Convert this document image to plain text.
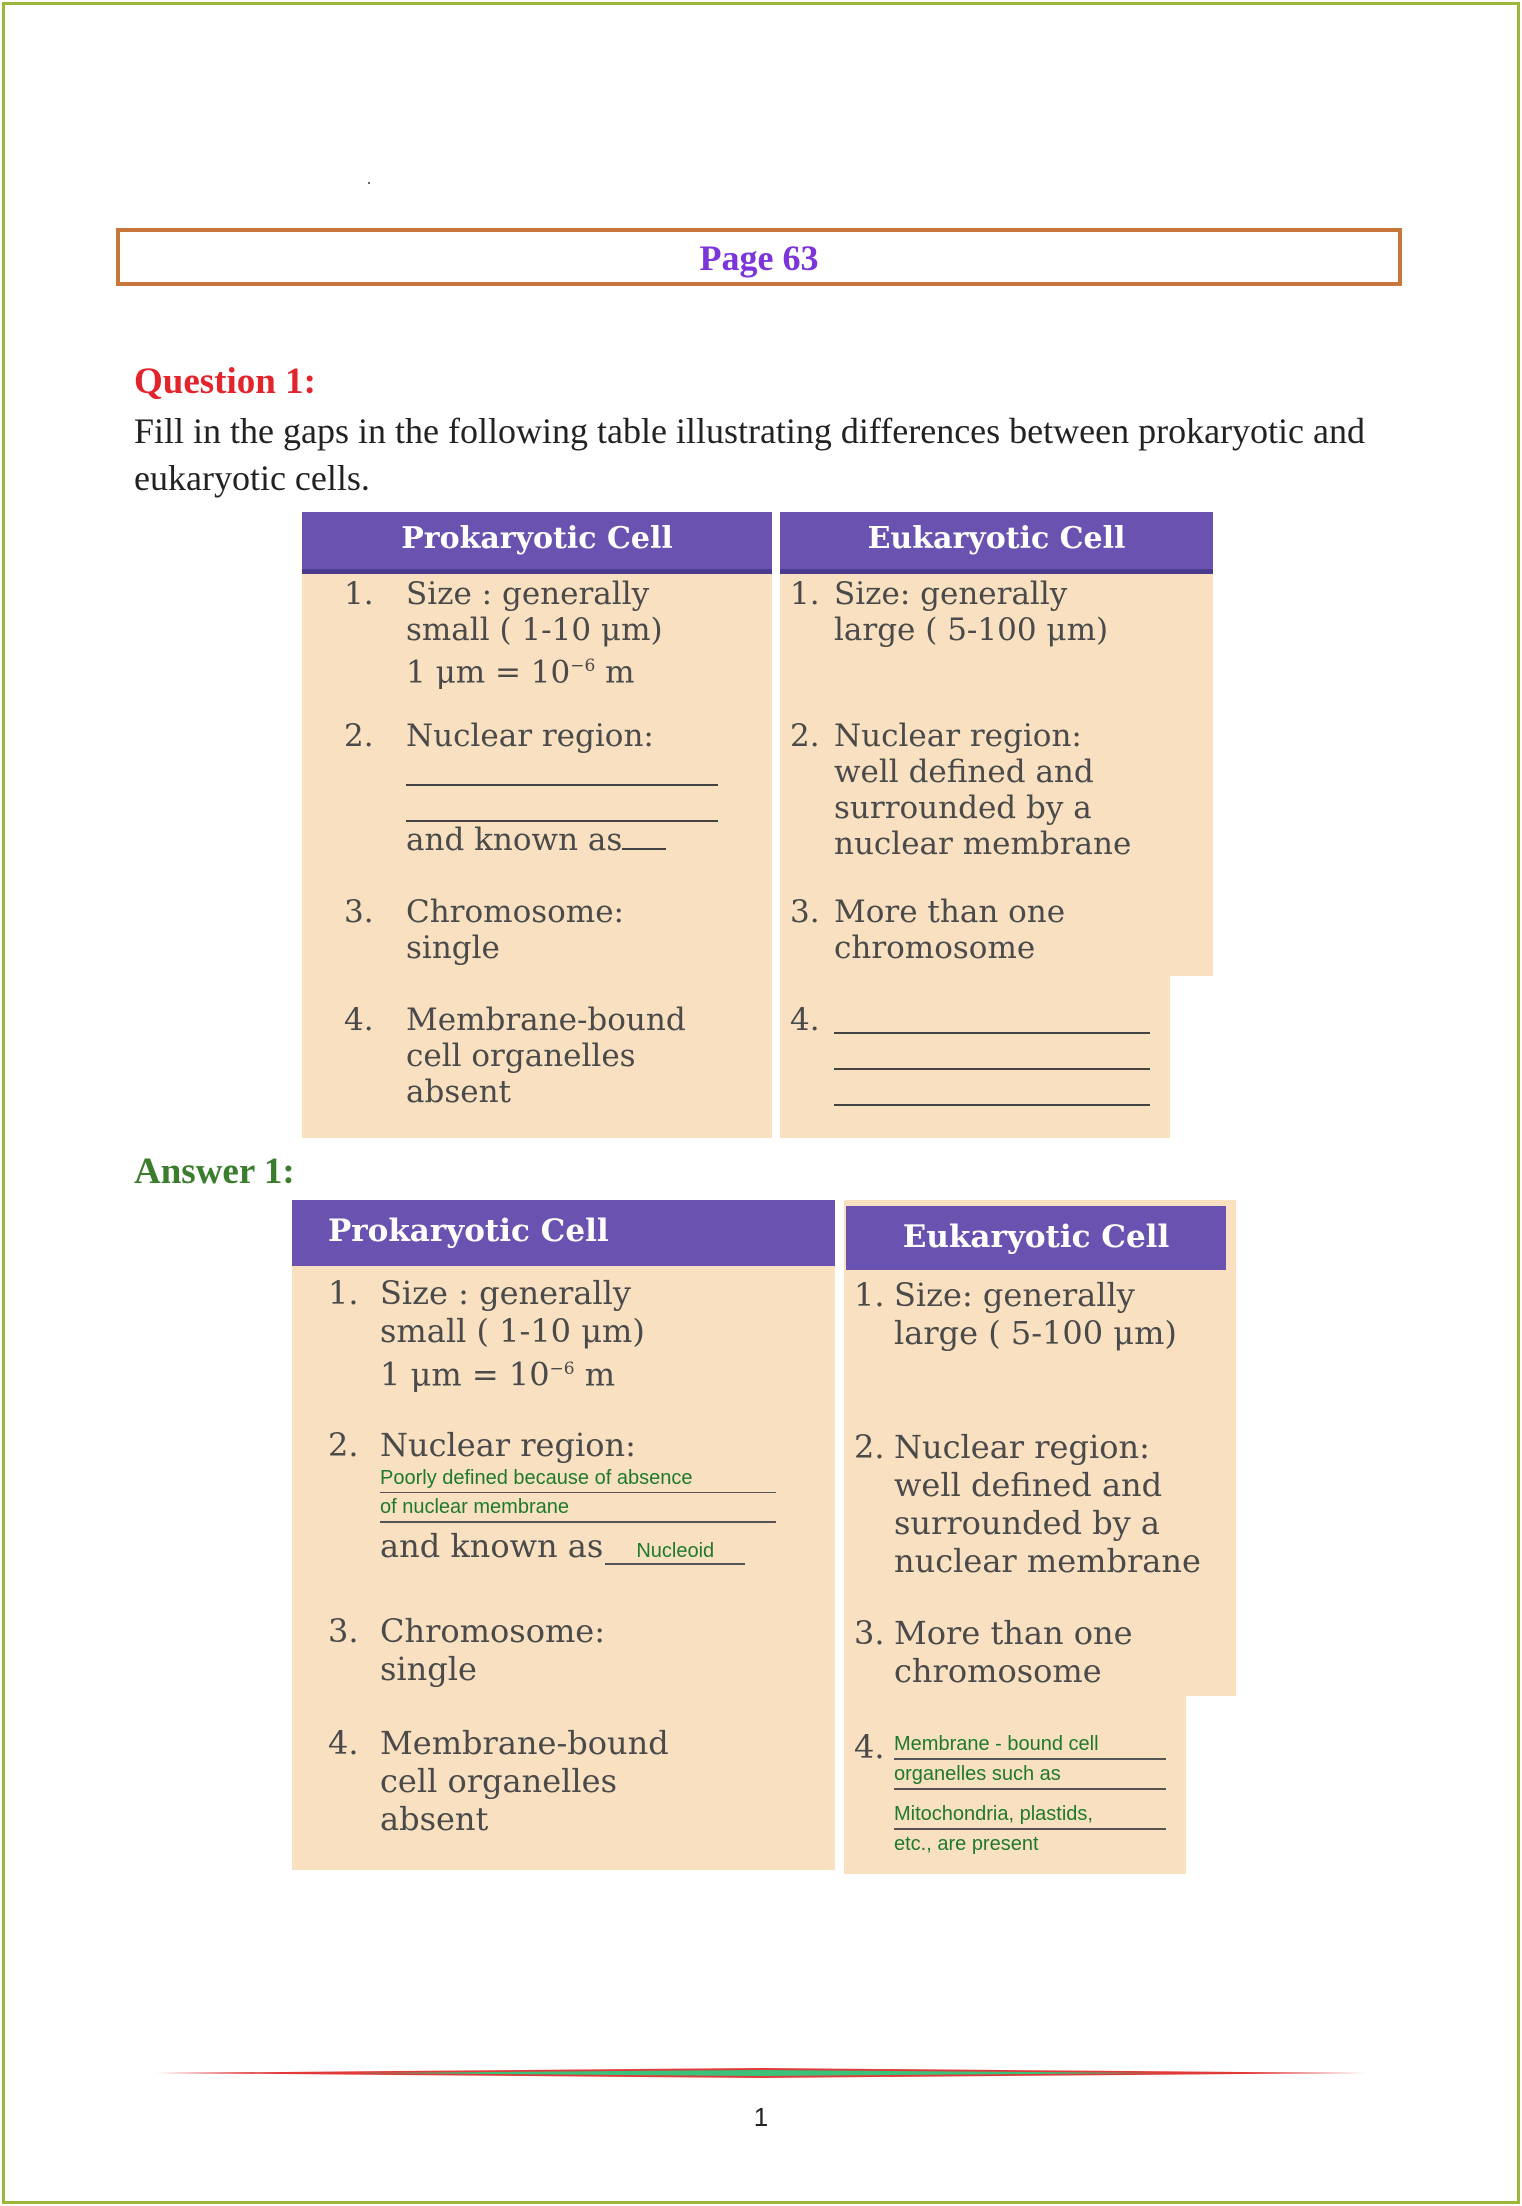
Page 63
Question 1:
Fill in the gaps in the following table illustrating differences between prokaryotic and eukaryotic cells.
Prokaryotic Cell
1. Size : generally
small ( 1-10 μm)
1 $\mu m = 10^{-6}$ m
2. Nuclear region:
and known as
3. Chromosome:
single
4. Membrane-bound
cell organelles
absent
Eukaryotic Cell
1. Size: generally
large ( 5-100 μm)
2. Nuclear region:
well defined and
surrounded by a
nuclear membrane
3. More than one
chromosome
4.
Answer 1:
Prokaryotic Cell
1. Size : generally
small ( 1-10 μm)
1 $\mu m = 10^{-6}$ m
2. Nuclear region:
Poorly defined because of absence
of nuclear membrane
and known as Nucleoid
3. Chromosome:
single
4. Membrane-bound
cell organelles
absent
Eukaryotic Cell
1. Size: generally
large ( 5-100 μm)
2. Nuclear region:
well defined and
surrounded by a
nuclear membrane
3. More than one
chromosome
4. Membrane - bound cell
organelles such as
Mitochondria, plastids,
etc., are present
1
